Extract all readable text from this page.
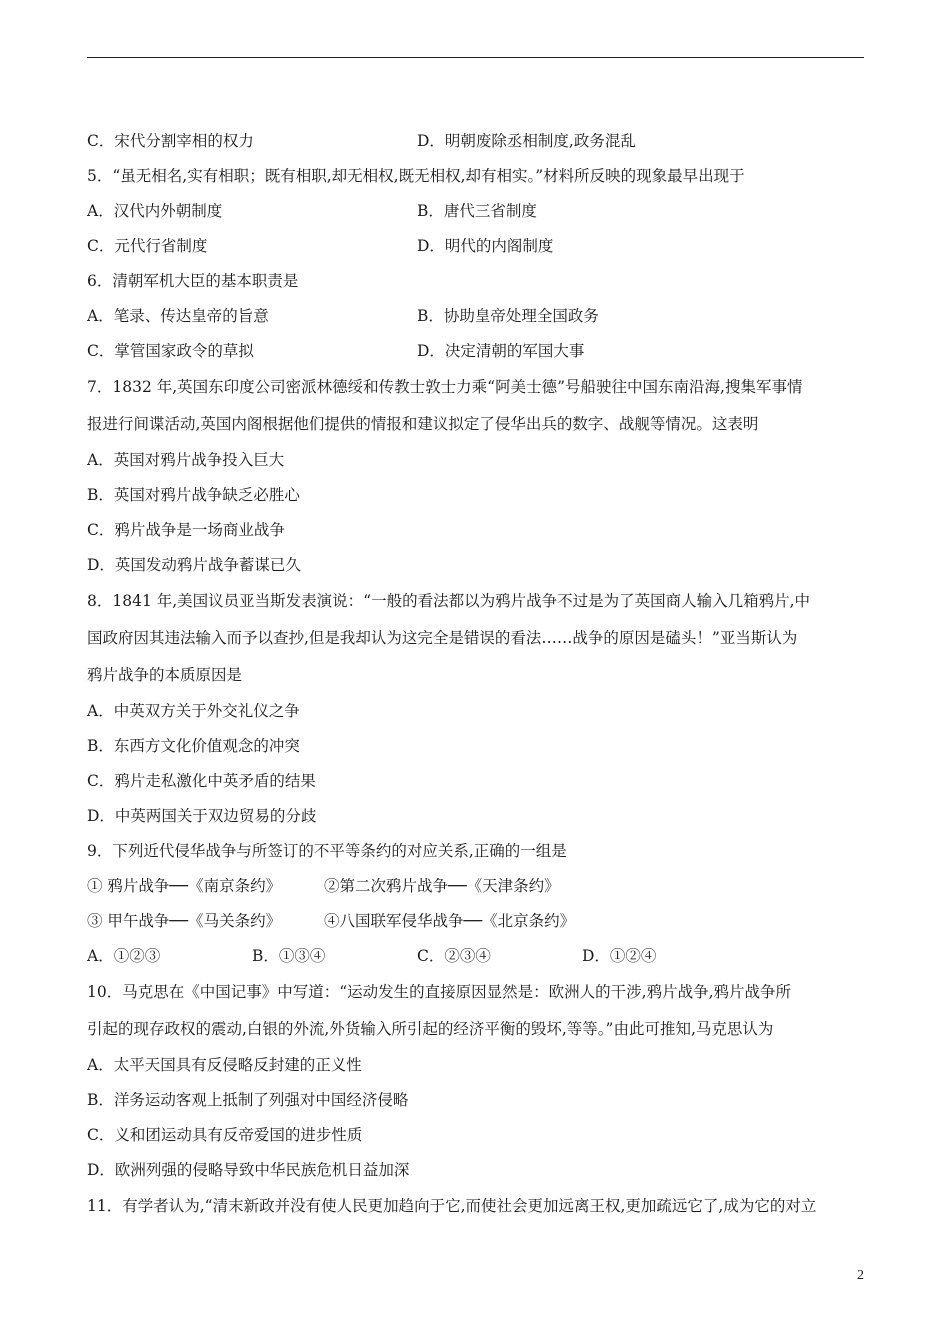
C．宋代分割宰相的权力	D．明朝废除丞相制度,政务混乱
5．“虽无相名,实有相职；既有相职,却无相权,既无相权,却有相实。”材料所反映的现象最早出现于
A．汉代内外朝制度	B．唐代三省制度
C．元代行省制度	D．明代的内阁制度
6．清朝军机大臣的基本职责是
A．笔录、传达皇帝的旨意	B．协助皇帝处理全国政务
C．掌管国家政令的草拟	D．决定清朝的军国大事
7．1832 年,英国东印度公司密派林德绥和传教士敦士力乘“阿美士德”号船驶往中国东南沿海,搜集军事情
报进行间谍活动,英国内阁根据他们提供的情报和建议拟定了侵华出兵的数字、战舰等情况。这表明
A．英国对鸦片战争投入巨大
B．英国对鸦片战争缺乏必胜心
C．鸦片战争是一场商业战争
D．英国发动鸦片战争蓄谋已久
8．1841 年,美国议员亚当斯发表演说：“一般的看法都以为鸦片战争不过是为了英国商人输入几箱鸦片,中
国政府因其违法输入而予以查抄,但是我却认为这完全是错误的看法……战争的原因是磕头！”亚当斯认为
鸦片战争的本质原因是
A．中英双方关于外交礼仪之争
B．东西方文化价值观念的冲突
C．鸦片走私激化中英矛盾的结果
D．中英两国关于双边贸易的分歧
9．下列近代侵华战争与所签订的不平等条约的对应关系,正确的一组是
① 鸦片战争──《南京条约》	②第二次鸦片战争──《天津条约》
③ 甲午战争──《马关条约》	④八国联军侵华战争──《北京条约》
A．①②③	B．①③④	C．②③④	D．①②④
10．马克思在《中国记事》中写道：“运动发生的直接原因显然是：欧洲人的干涉,鸦片战争,鸦片战争所
引起的现存政权的震动,白银的外流,外货输入所引起的经济平衡的毁坏,等等。”由此可推知,马克思认为
A．太平天国具有反侵略反封建的正义性
B．洋务运动客观上抵制了列强对中国经济侵略
C．义和团运动具有反帝爱国的进步性质
D．欧洲列强的侵略导致中华民族危机日益加深
11．有学者认为,“清末新政并没有使人民更加趋向于它,而使社会更加远离王权,更加疏远它了,成为它的对立
2
